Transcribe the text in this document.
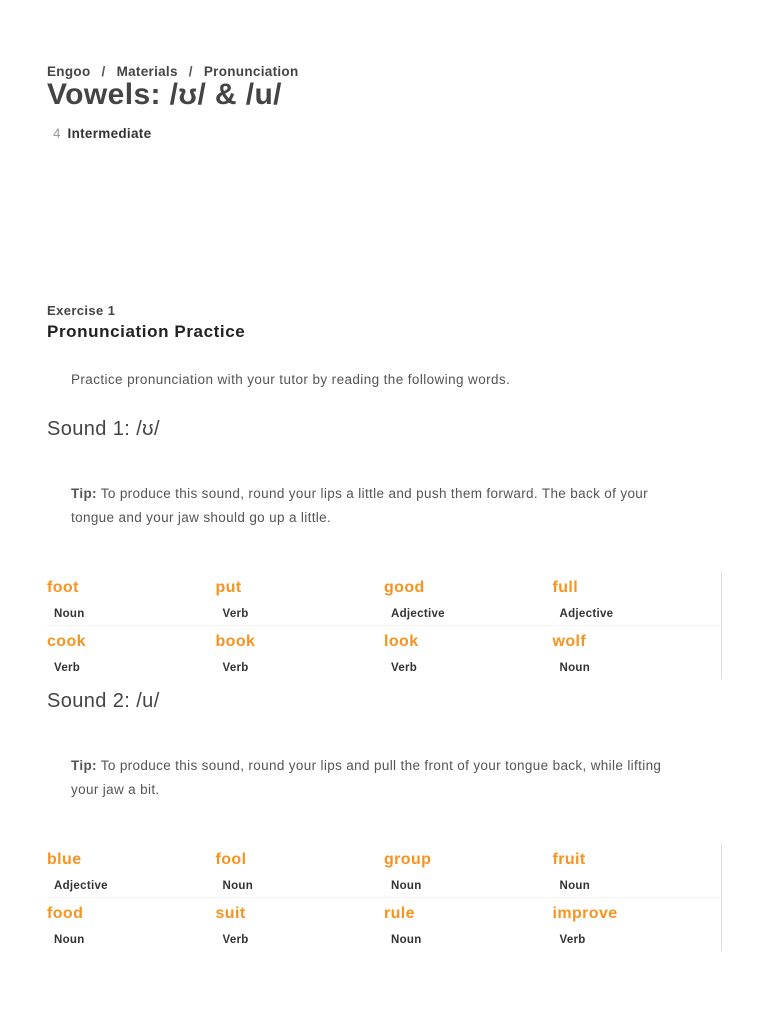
Engoo / Materials / Pronunciation
Vowels: /ʊ/ & /u/
4 Intermediate
Exercise 1
Pronunciation Practice
Practice pronunciation with your tutor by reading the following words.
Sound 1: /ʊ/
Tip: To produce this sound, round your lips a little and push them forward. The back of your tongue and your jaw should go up a little.
foot
Noun
put
Verb
good
Adjective
full
Adjective
cook
Verb
book
Verb
look
Verb
wolf
Noun
Sound 2: /u/
Tip: To produce this sound, round your lips and pull the front of your tongue back, while lifting your jaw a bit.
blue
Adjective
fool
Noun
group
Noun
fruit
Noun
food
Noun
suit
Verb
rule
Noun
improve
Verb
